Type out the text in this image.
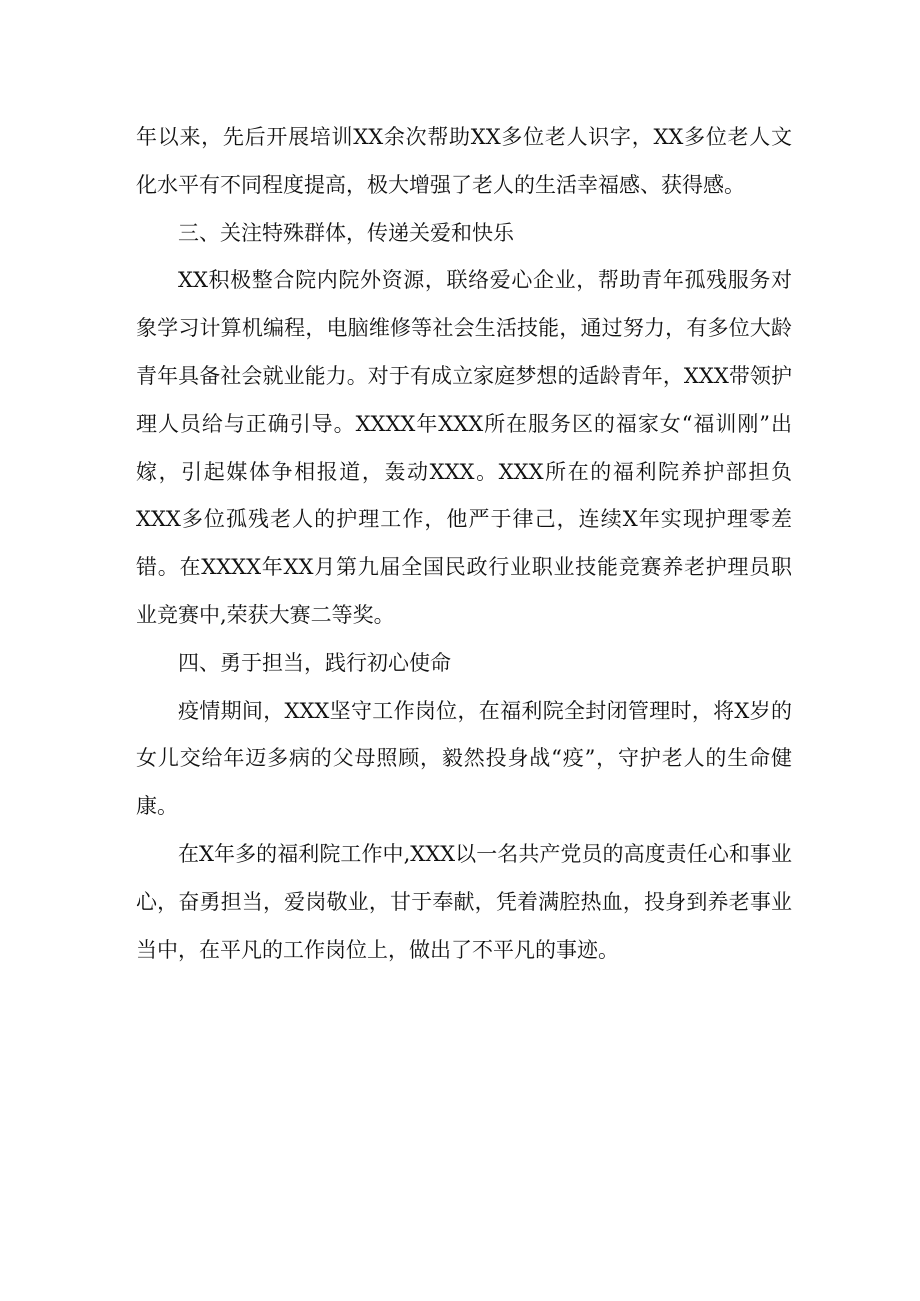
年以来，先后开展培训XX余次帮助XX多位老人识字，XX多位老人文化水平有不同程度提高，极大增强了老人的生活幸福感、获得感。

三、关注特殊群体，传递关爱和快乐

XX积极整合院内院外资源，联络爱心企业，帮助青年孤残服务对象学习计算机编程，电脑维修等社会生活技能，通过努力，有多位大龄青年具备社会就业能力。对于有成立家庭梦想的适龄青年，XXX带领护理人员给与正确引导。XXXX年XXX所在服务区的福家女“福训刚”出嫁，引起媒体争相报道，轰动XXX。XXX所在的福利院养护部担负XXX多位孤残老人的护理工作，他严于律己，连续X年实现护理零差错。在XXXX年XX月第九届全国民政行业职业技能竞赛养老护理员职业竞赛中,荣获大赛二等奖。

四、勇于担当，践行初心使命

疫情期间，XXX坚守工作岗位，在福利院全封闭管理时，将X岁的女儿交给年迈多病的父母照顾，毅然投身战“疫”，守护老人的生命健康。

在X年多的福利院工作中,XXX以一名共产党员的高度责任心和事业心，奋勇担当，爱岗敬业，甘于奉献，凭着满腔热血，投身到养老事业当中，在平凡的工作岗位上，做出了不平凡的事迹。
